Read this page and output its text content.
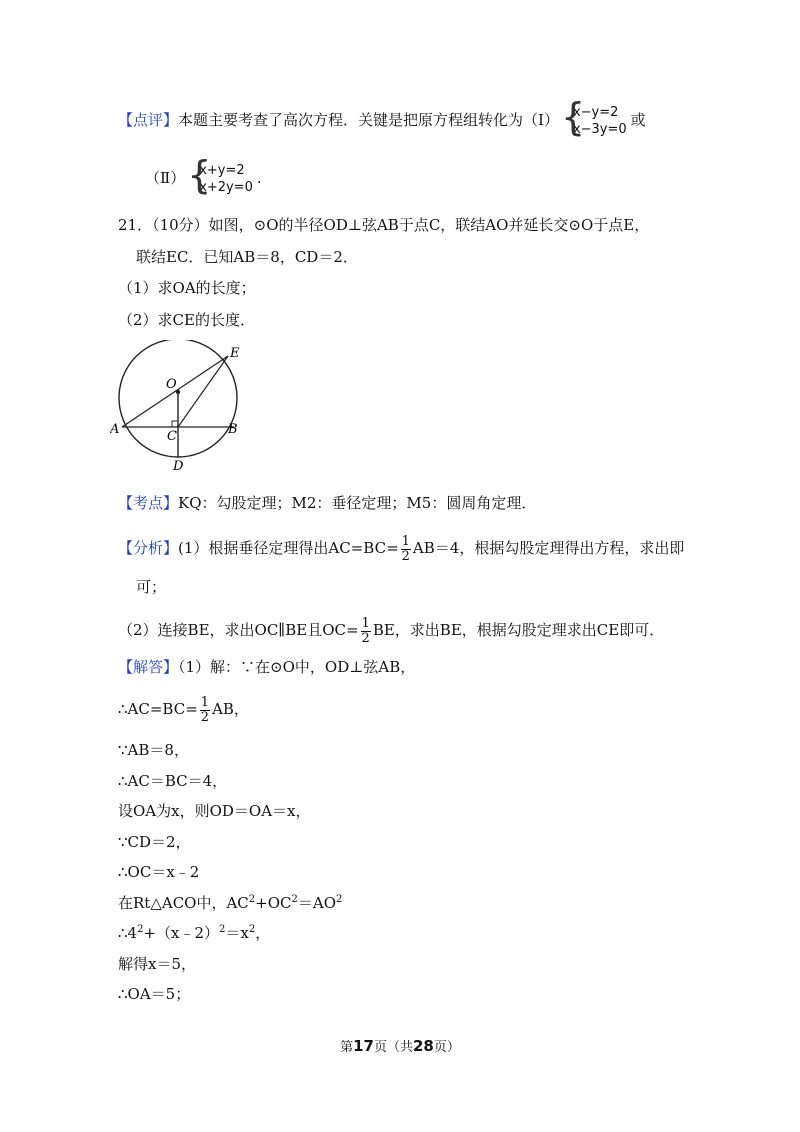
【点评】本题主要考查了高次方程．关键是把原方程组转化为（Ⅰ） {
x−y=2
x−3y=0
或
（Ⅱ） {
x+y=2
x+2y=0
.
21．（10分）如图，⊙O的半径OD⊥弦AB于点C，联结AO并延长交⊙O于点E，
联结EC．已知AB＝8，CD＝2．
（1）求OA的长度；
（2）求CE的长度．
E
O
A	C	B
D
【考点】KQ：勾股定理；M2：垂径定理；M5：圆周角定理．
【分析】(1）根据垂径定理得出$AC=BC= \frac{1}{2} AB=4$，根据勾股定理得出方程，求出即
可；
（2）连接BE，求出OC∥BE且$OC= \frac{1}{2}$ BE，求出BE，根据勾股定理求出CE即可．
【解答】（1）解：∵在⊙O中，OD⊥弦AB，
∴AC=BC= $\frac{1}{2}$ AB，
∵AB＝8，
∴AC＝BC＝4，
设OA为x，则OD＝OA＝x，
∵CD＝2，
∴OC＝x﹣2
在Rt△ACO中，$AC^2+OC^2=AO^2$
$\therefore 4^2+(x﹣2)^2=x^2$，
解得x＝5，
∴OA＝5；
第17页（共28页）
